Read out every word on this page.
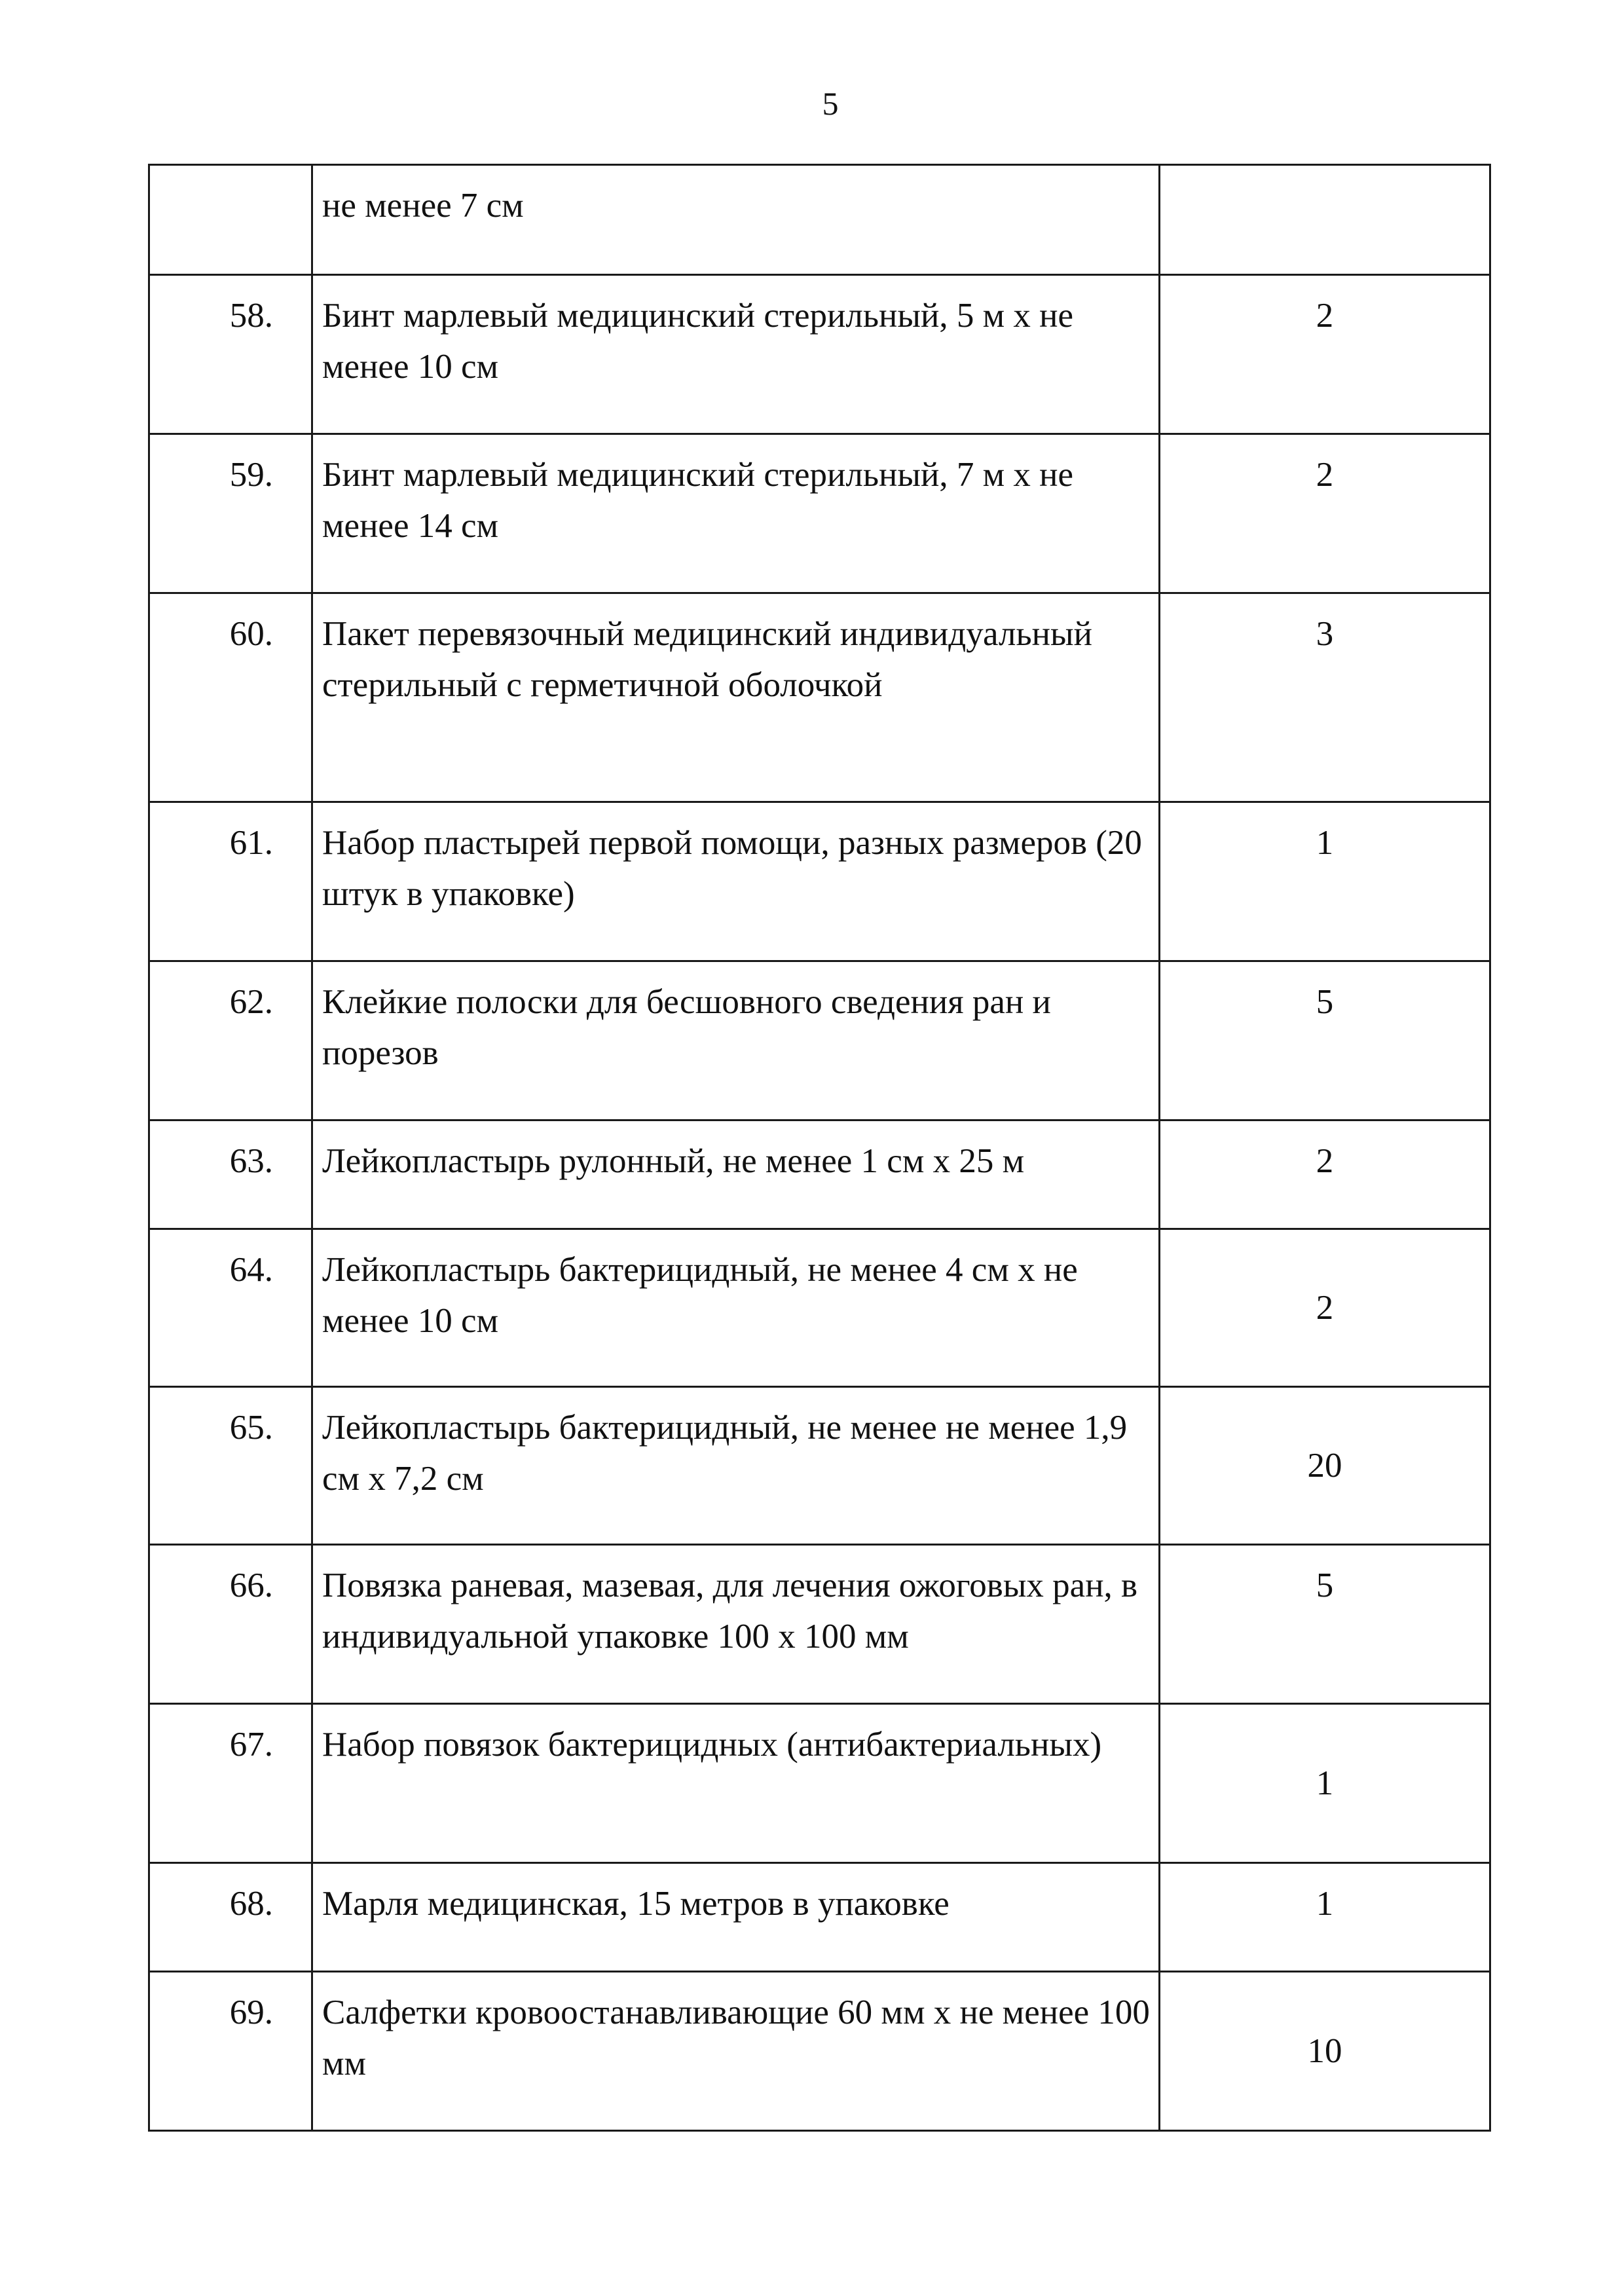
5
	не менее 7 см	
58.	Бинт марлевый медицинский стерильный, 5 м x не менее 10 см	2
59.	Бинт марлевый медицинский стерильный, 7 м x не менее 14 см	2
60.	Пакет перевязочный медицинский индивидуальный стерильный с герметичной оболочкой	3
61.	Набор пластырей первой помощи, разных размеров (20 штук в упаковке)	1
62.	Клейкие полоски для бесшовного сведения ран и порезов	5
63.	Лейкопластырь рулонный, не менее 1 см x 25 м	2
64.	Лейкопластырь бактерицидный, не менее 4 см x не менее 10 см	2
65.	Лейкопластырь бактерицидный, не менее не менее 1,9 см x 7,2 см	20
66.	Повязка раневая, мазевая, для лечения ожоговых ран, в индивидуальной упаковке 100 x 100 мм	5
67.	Набор повязок бактерицидных (антибактериальных)	1
68.	Марля медицинская, 15 метров в упаковке	1
69.	Салфетки кровоостанавливающие 60 мм x не менее 100 мм	10
